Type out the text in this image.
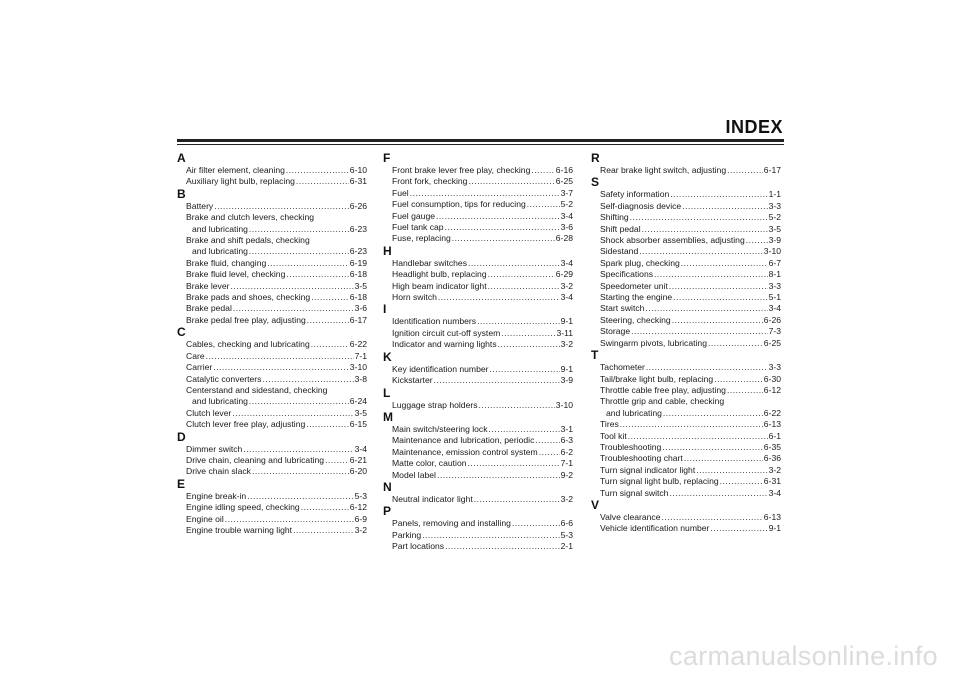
INDEX
A
Air filter element, cleaning .....	6-10
Auxiliary light bulb, replacing .....	6-31
B
Battery .....	6-26
Brake and clutch levers, checking
and lubricating .....	6-23
Brake and shift pedals, checking
and lubricating .....	6-23
Brake fluid, changing .....	6-19
Brake fluid level, checking .....	6-18
Brake lever .....	3-5
Brake pads and shoes, checking .....	6-18
Brake pedal .....	3-6
Brake pedal free play, adjusting .....	6-17
C
Cables, checking and lubricating .....	6-22
Care .....	7-1
Carrier .....	3-10
Catalytic converters .....	3-8
Centerstand and sidestand, checking
and lubricating .....	6-24
Clutch lever .....	3-5
Clutch lever free play, adjusting .....	6-15
D
Dimmer switch .....	3-4
Drive chain, cleaning and lubricating .....	6-21
Drive chain slack .....	6-20
E
Engine break-in .....	5-3
Engine idling speed, checking .....	6-12
Engine oil .....	6-9
Engine trouble warning light .....	3-2
F
Front brake lever free play, checking .....	6-16
Front fork, checking .....	6-25
Fuel .....	3-7
Fuel consumption, tips for reducing .....	5-2
Fuel gauge .....	3-4
Fuel tank cap .....	3-6
Fuse, replacing .....	6-28
H
Handlebar switches .....	3-4
Headlight bulb, replacing .....	6-29
High beam indicator light .....	3-2
Horn switch .....	3-4
I
Identification numbers .....	9-1
Ignition circuit cut-off system .....	3-11
Indicator and warning lights .....	3-2
K
Key identification number .....	9-1
Kickstarter .....	3-9
L
Luggage strap holders .....	3-10
M
Main switch/steering lock .....	3-1
Maintenance and lubrication, periodic .....	6-3
Maintenance, emission control system .....	6-2
Matte color, caution .....	7-1
Model label .....	9-2
N
Neutral indicator light .....	3-2
P
Panels, removing and installing .....	6-6
Parking .....	5-3
Part locations .....	2-1
R
Rear brake light switch, adjusting .....	6-17
S
Safety information .....	1-1
Self-diagnosis device .....	3-3
Shifting .....	5-2
Shift pedal .....	3-5
Shock absorber assemblies, adjusting .....	3-9
Sidestand .....	3-10
Spark plug, checking .....	6-7
Specifications .....	8-1
Speedometer unit .....	3-3
Starting the engine .....	5-1
Start switch .....	3-4
Steering, checking .....	6-26
Storage .....	7-3
Swingarm pivots, lubricating .....	6-25
T
Tachometer .....	3-3
Tail/brake light bulb, replacing .....	6-30
Throttle cable free play, adjusting .....	6-12
Throttle grip and cable, checking
and lubricating .....	6-22
Tires .....	6-13
Tool kit .....	6-1
Troubleshooting .....	6-35
Troubleshooting chart .....	6-36
Turn signal indicator light .....	3-2
Turn signal light bulb, replacing .....	6-31
Turn signal switch .....	3-4
V
Valve clearance .....	6-13
Vehicle identification number .....	9-1
carmanualsonline.info
